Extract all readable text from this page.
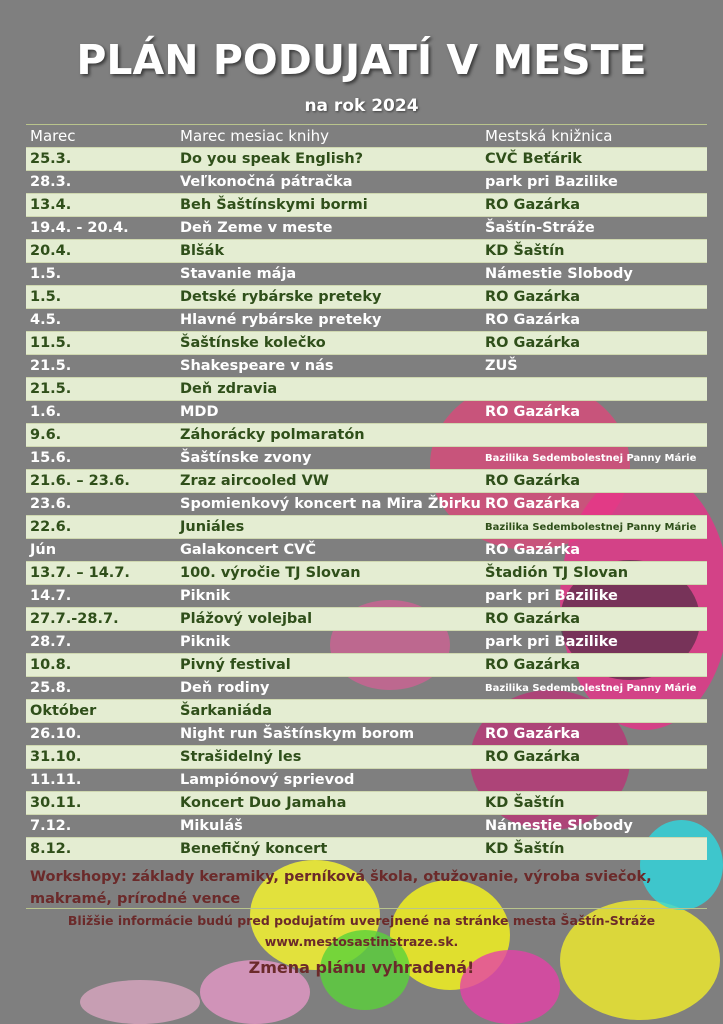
PLÁN PODUJATÍ V MESTE
na rok 2024
Marec	Marec mesiac knihy	Mestská knižnica
25.3.	Do you speak English?	CVČ Beťárik
28.3.	Veľkonočná pátračka	park pri Bazilike
13.4.	Beh Šaštínskymi bormi	RO Gazárka
19.4. - 20.4.	Deň Zeme v meste	Šaštín-Stráže
20.4.	Blšák	KD Šaštín
1.5.	Stavanie mája	Námestie Slobody
1.5.	Detské rybárske preteky	RO Gazárka
4.5.	Hlavné rybárske preteky	RO Gazárka
11.5.	Šaštínske kolečko	RO Gazárka
21.5.	Shakespeare v nás	ZUŠ
21.5.	Deň zdravia	
1.6.	MDD	RO Gazárka
9.6.	Záhorácky polmaratón	
15.6.	Šaštínske zvony	Bazilika Sedembolestnej Panny Márie
21.6. – 23.6.	Zraz aircooled VW	RO Gazárka
23.6.	Spomienkový koncert na Mira Žbirku	RO Gazárka
22.6.	Juniáles	Bazilika Sedembolestnej Panny Márie
Jún	Galakoncert CVČ	RO Gazárka
13.7. – 14.7.	100. výročie TJ Slovan	Štadión TJ Slovan
14.7.	Piknik	park pri Bazilike
27.7.-28.7.	Plážový volejbal	RO Gazárka
28.7.	Piknik	park pri Bazilike
10.8.	Pivný festival	RO Gazárka
25.8.	Deň rodiny	Bazilika Sedembolestnej Panny Márie
Október	Šarkaniáda	
26.10.	Night run Šaštínskym borom	RO Gazárka
31.10.	Strašidelný les	RO Gazárka
11.11.	Lampiónový sprievod	
30.11.	Koncert Duo Jamaha	KD Šaštín
7.12.	Mikuláš	Námestie Slobody
8.12.	Benefičný koncert	KD Šaštín
Workshopy: základy keramiky, perníková škola, otužovanie, výroba sviečok, makramé, prírodné vence
Bližšie informácie budú pred podujatím uverejnené na stránke mesta Šaštín-Stráže
www.mestosastinstraze.sk.
Zmena plánu vyhradená!
